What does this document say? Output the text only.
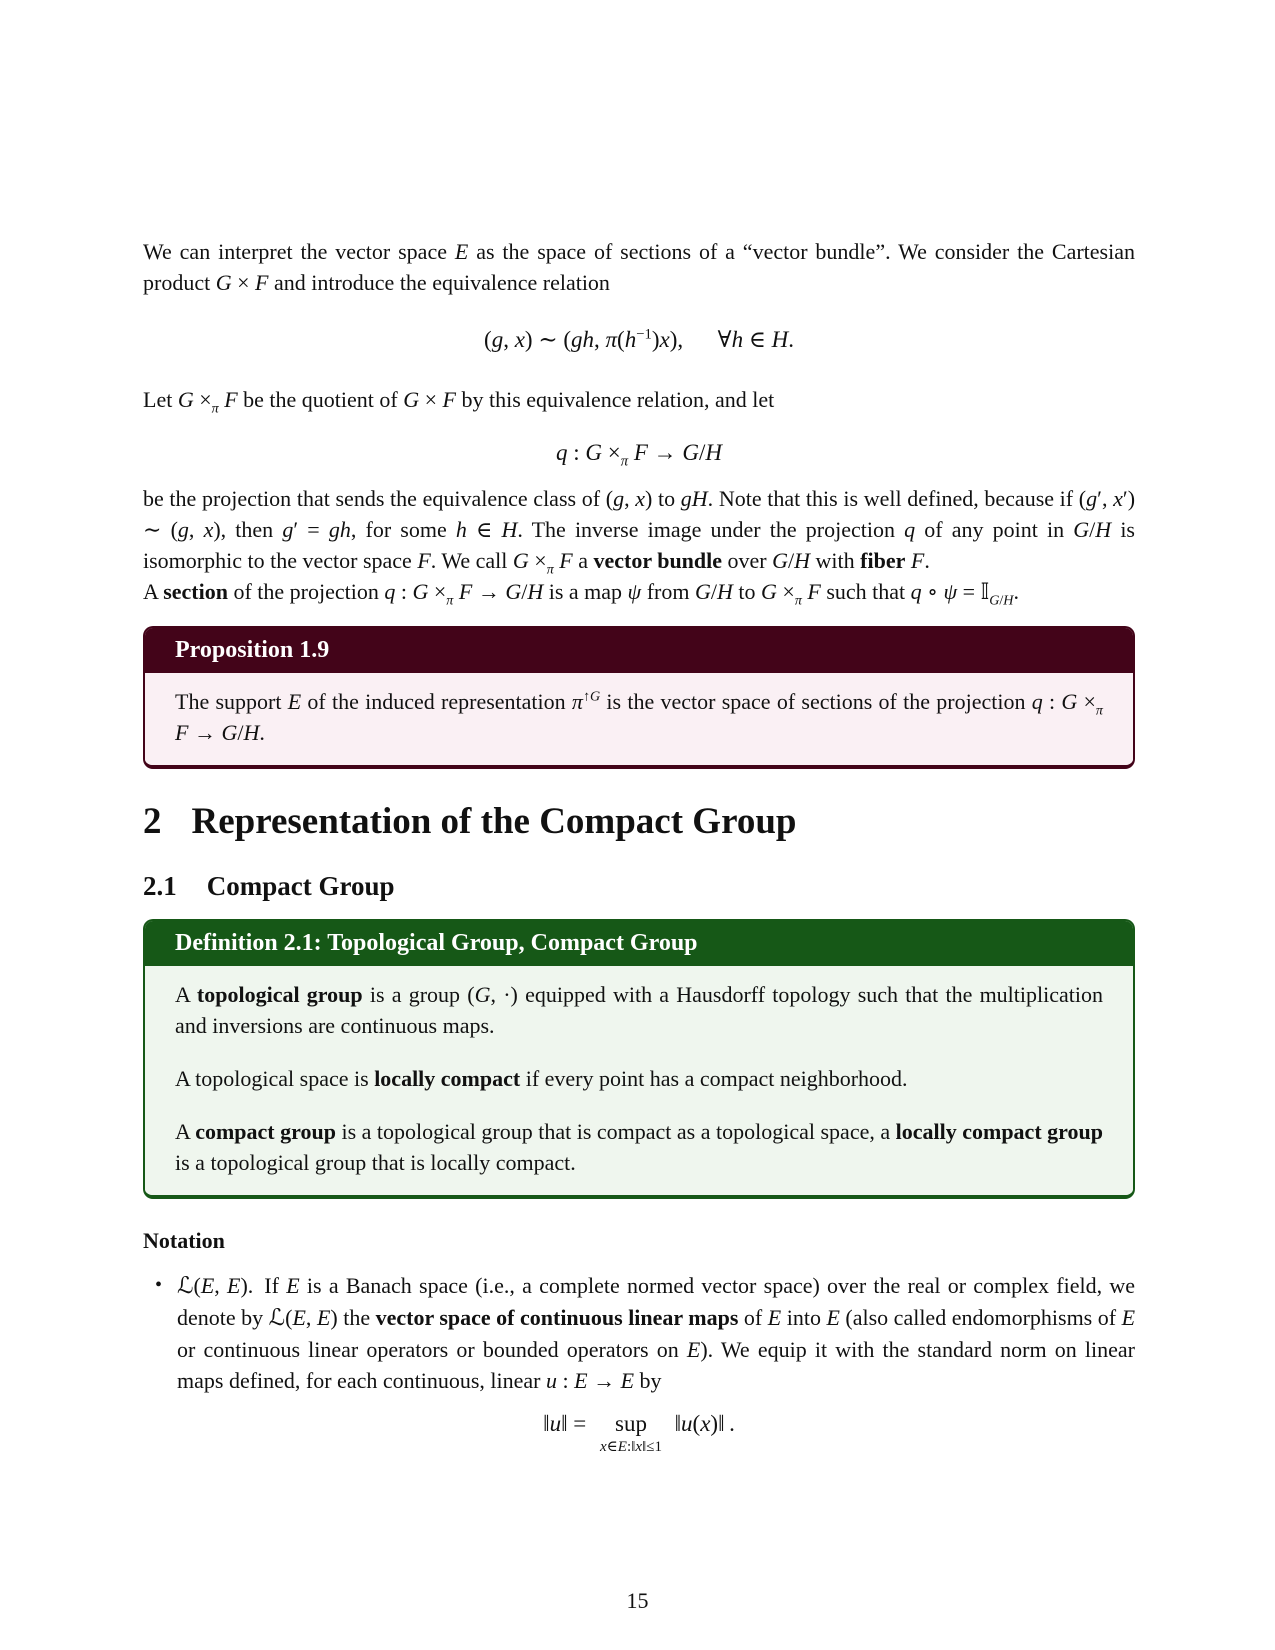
We can interpret the vector space E as the space of sections of a “vector bundle”. We consider the Cartesian product G × F and introduce the equivalence relation

(g, x) ∼ (gh, $\pi(h^{-1})x$),  ∀h ∈ H.

Let $G \times_\pi$ F be the quotient of G × F by this equivalence relation, and let

q : $G \times_\pi$ F → G/H

be the projection that sends the equivalence class of (g, x) to gH. Note that this is well defined, because if (g′, x′) ∼ (g, x), then g′ = gh, for some h ∈ H. The inverse image under the projection q of any point in G/H is isomorphic to the vector space F. We call $G \times_\pi$ F a vector bundle over G/H with fiber F.
A section of the projection q : $G \times_\pi$ F → G/H is a map ψ from G/H to $G \times_\pi$ F such that q ∘ ψ = 𝕀$_{G/H}$.

Proposition 1.9

The support E of the induced representation $\pi^{↑G}$ is the vector space of sections of the projection q : $G \times_\pi$ F → G/H.

2 Representation of the Compact Group
2.1 Compact Group
Definition 2.1: Topological Group, Compact Group

A topological group is a group (G, ·) equipped with a Hausdorff topology such that the multiplication and inversions are continuous maps.

A topological space is locally compact if every point has a compact neighborhood.

A compact group is a topological group that is compact as a topological space, a locally compact group is a topological group that is locally compact.

Notation

• ℒ(E, E). If E is a Banach space (i.e., a complete normed vector space) over the real or complex field, we denote by ℒ(E, E) the vector space of continuous linear maps of E into E (also called endomorphisms of E or continuous linear operators or bounded operators on E). We equip it with the standard norm on linear maps defined, for each continuous, linear u : E → E by
‖u‖ = sup
x∈E:‖x‖≤1
 ‖u(x)‖ .
15
